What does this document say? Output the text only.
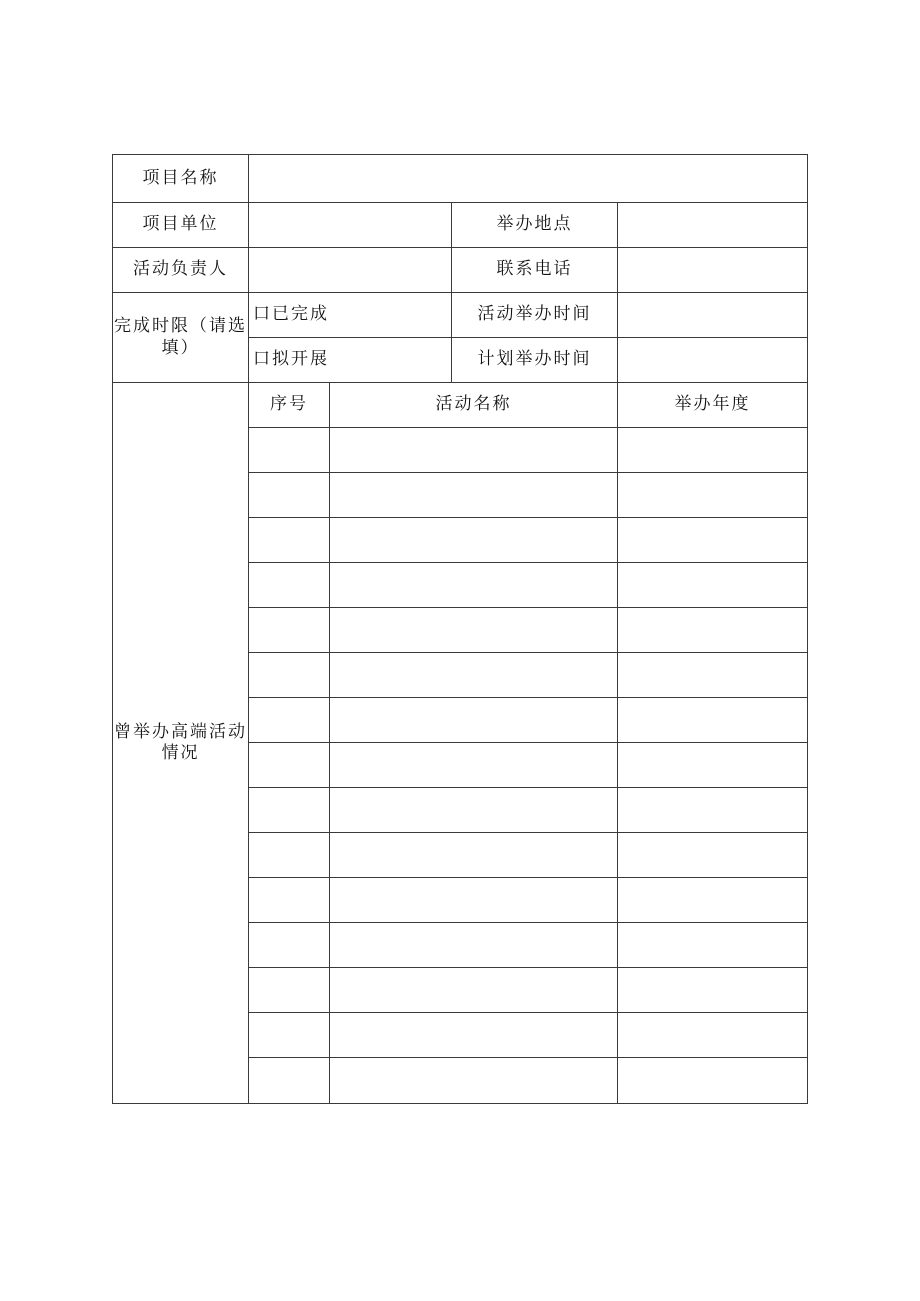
项目名称				
项目单位			举办地点	
活动负责人			联系电话	
完成时限（请选填）	口已完成		活动举办时间	
	口拟开展		计划举办时间	
曾举办高端活动情况	序号	活动名称		举办年度
